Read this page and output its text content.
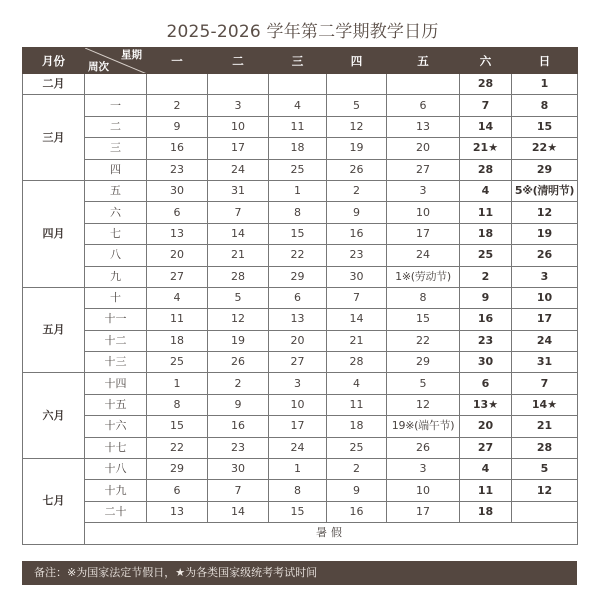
2025-2026 学年第二学期教学日历
月份	星期
周次	一	二	三	四	五	六	日
二月							28	1
三月	一	2	3	4	5	6	7	8
	二	9	10	11	12	13	14	15
	三	16	17	18	19	20	21★	22★
	四	23	24	25	26	27	28	29
四月	五	30	31	1	2	3	4	5※(清明节)
	六	6	7	8	9	10	11	12
	七	13	14	15	16	17	18	19
	八	20	21	22	23	24	25	26
	九	27	28	29	30	1※(劳动节)	2	3
五月	十	4	5	6	7	8	9	10
	十一	11	12	13	14	15	16	17
	十二	18	19	20	21	22	23	24
	十三	25	26	27	28	29	30	31
六月	十四	1	2	3	4	5	6	7
	十五	8	9	10	11	12	13★	14★
	十六	15	16	17	18	19※(端午节)	20	21
	十七	22	23	24	25	26	27	28
七月	十八	29	30	1	2	3	4	5
	十九	6	7	8	9	10	11	12
	二十	13	14	15	16	17	18	
	暑假							
备注：※为国家法定节假日，★为各类国家级统考考试时间
